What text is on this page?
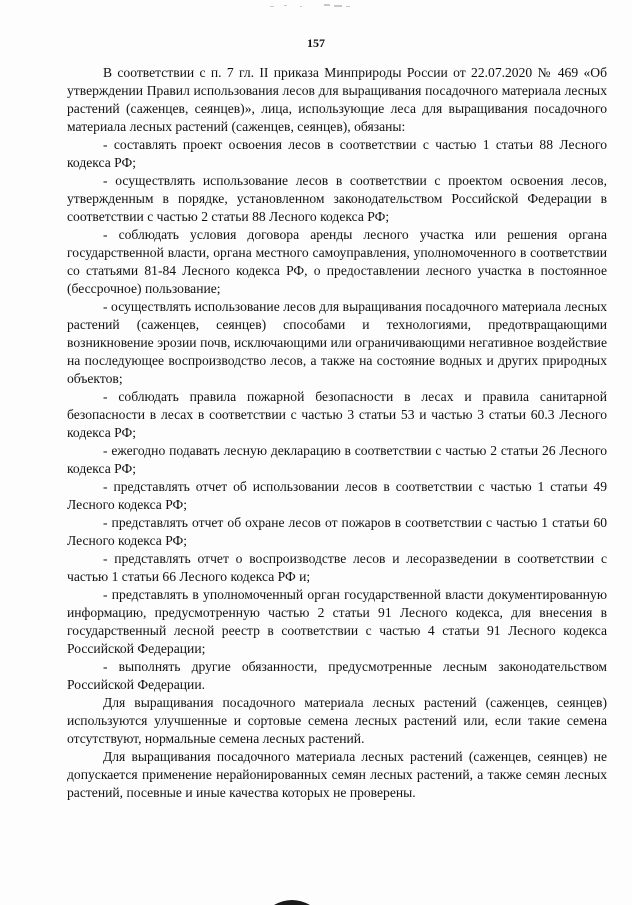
157

В соответствии с п. 7 гл. II приказа Минприроды России от 22.07.2020 № 469 «Об утверждении Правил использования лесов для выращивания посадочного материала лесных растений (саженцев, сеянцев)», лица, использующие леса для выращивания посадочного материала лесных растений (саженцев, сеянцев), обязаны:

- составлять проект освоения лесов в соответствии с частью 1 статьи 88 Лесного кодекса РФ;

- осуществлять использование лесов в соответствии с проектом освоения лесов, утвержденным в порядке, установленном законодательством Российской Федерации в соответствии с частью 2 статьи 88 Лесного кодекса РФ;

- соблюдать условия договора аренды лесного участка или решения органа государственной власти, органа местного самоуправления, уполномоченного в соответствии со статьями 81-84 Лесного кодекса РФ, о предоставлении лесного участка в постоянное (бессрочное) пользование;

- осуществлять использование лесов для выращивания посадочного материала лесных растений (саженцев, сеянцев) способами и технологиями, предотвращающими возникновение эрозии почв, исключающими или ограничивающими негативное воздействие на последующее воспроизводство лесов, а также на состояние водных и других природных объектов;

- соблюдать правила пожарной безопасности в лесах и правила санитарной безопасности в лесах в соответствии с частью 3 статьи 53 и частью 3 статьи 60.3 Лесного кодекса РФ;

- ежегодно подавать лесную декларацию в соответствии с частью 2 статьи 26 Лесного кодекса РФ;

- представлять отчет об использовании лесов в соответствии с частью 1 статьи 49 Лесного кодекса РФ;

- представлять отчет об охране лесов от пожаров в соответствии с частью 1 статьи 60 Лесного кодекса РФ;

- представлять отчет о воспроизводстве лесов и лесоразведении в соответствии с частью 1 статьи 66 Лесного кодекса РФ и;

- представлять в уполномоченный орган государственной власти документированную информацию, предусмотренную частью 2 статьи 91 Лесного кодекса, для внесения в государственный лесной реестр в соответствии с частью 4 статьи 91 Лесного кодекса Российской Федерации;

- выполнять другие обязанности, предусмотренные лесным законодательством Российской Федерации.

Для выращивания посадочного материала лесных растений (саженцев, сеянцев) используются улучшенные и сортовые семена лесных растений или, если такие семена отсутствуют, нормальные семена лесных растений.

Для выращивания посадочного материала лесных растений (саженцев, сеянцев) не допускается применение нерайонированных семян лесных растений, а также семян лесных растений, посевные и иные качества которых не проверены.
